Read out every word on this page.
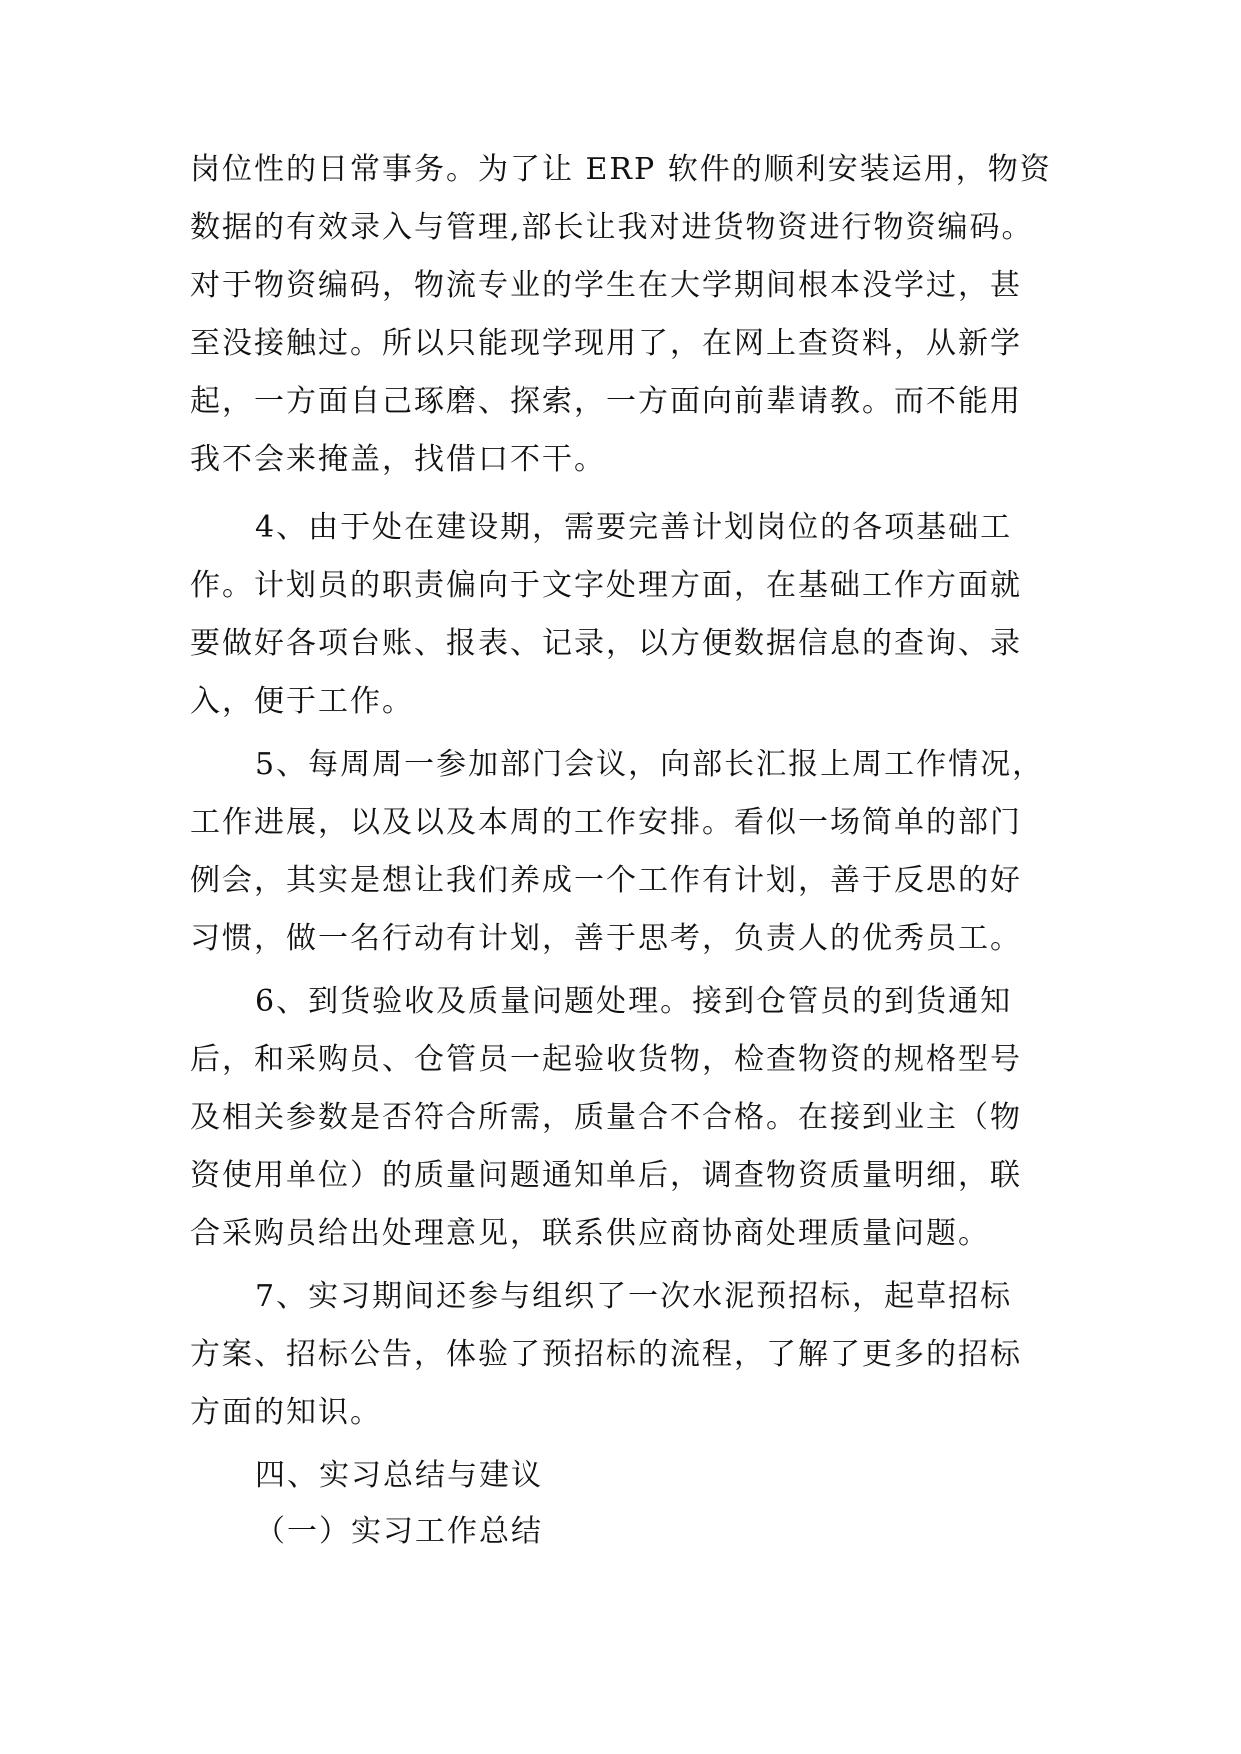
岗位性的日常事务。为了让 ERP 软件的顺利安装运用，物资
数据的有效录入与管理,部长让我对进货物资进行物资编码。
对于物资编码，物流专业的学生在大学期间根本没学过，甚
至没接触过。所以只能现学现用了，在网上查资料，从新学
起，一方面自己琢磨、探索，一方面向前辈请教。而不能用
我不会来掩盖，找借口不干。
4、由于处在建设期，需要完善计划岗位的各项基础工
作。计划员的职责偏向于文字处理方面，在基础工作方面就
要做好各项台账、报表、记录，以方便数据信息的查询、录
入，便于工作。
5、每周周一参加部门会议，向部长汇报上周工作情况，
工作进展，以及以及本周的工作安排。看似一场简单的部门
例会，其实是想让我们养成一个工作有计划，善于反思的好
习惯，做一名行动有计划，善于思考，负责人的优秀员工。
6、到货验收及质量问题处理。接到仓管员的到货通知
后，和采购员、仓管员一起验收货物，检查物资的规格型号
及相关参数是否符合所需，质量合不合格。在接到业主（物
资使用单位）的质量问题通知单后，调查物资质量明细，联
合采购员给出处理意见，联系供应商协商处理质量问题。
7、实习期间还参与组织了一次水泥预招标，起草招标
方案、招标公告，体验了预招标的流程，了解了更多的招标
方面的知识。
四、实习总结与建议
（一）实习工作总结
